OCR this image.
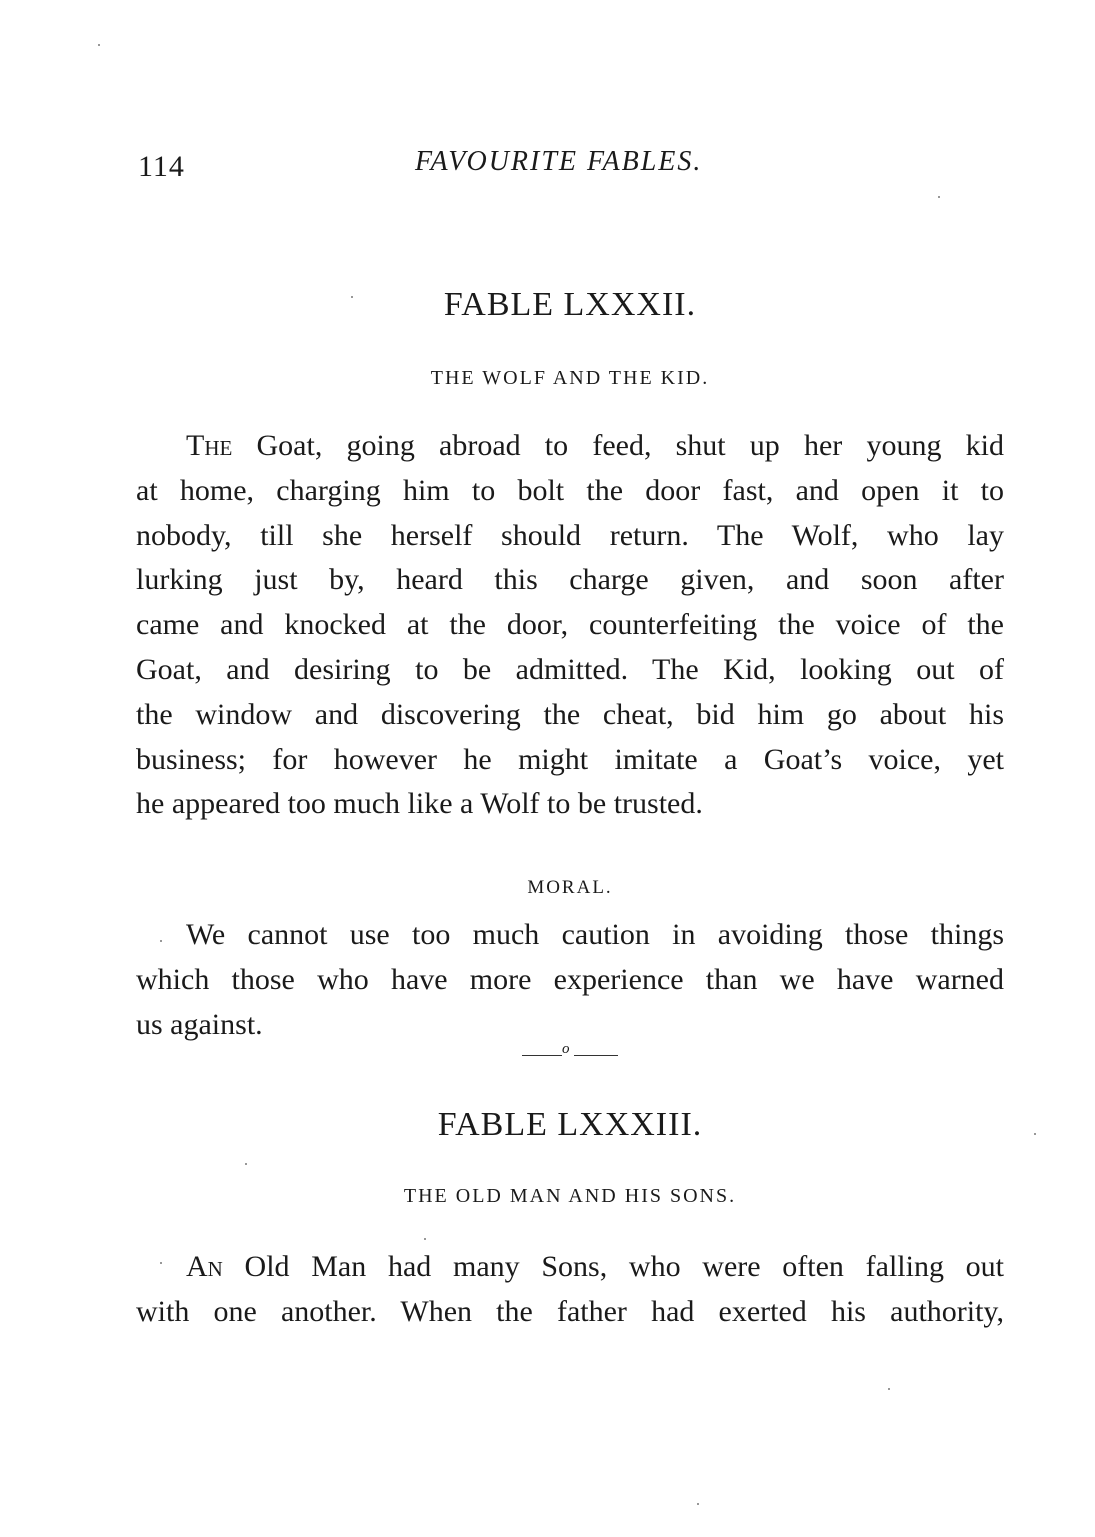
114	FAVOURITE FABLES.
FABLE LXXXII.
THE WOLF AND THE KID.
The Goat, going abroad to feed, shut up her young kid
at home, charging him to bolt the door fast, and open it to
nobody, till she herself should return. The Wolf, who lay
lurking just by, heard this charge given, and soon after
came and knocked at the door, counterfeiting the voice of the
Goat, and desiring to be admitted. The Kid, looking out of
the window and discovering the cheat, bid him go about his
business; for however he might imitate a Goat’s voice, yet
he appeared too much like a Wolf to be trusted.
MORAL.
We cannot use too much caution in avoiding those things
which those who have more experience than we have warned
us against.
o
FABLE LXXXIII.
THE OLD MAN AND HIS SONS.
An Old Man had many Sons, who were often falling out
with one another. When the father had exerted his authority,
